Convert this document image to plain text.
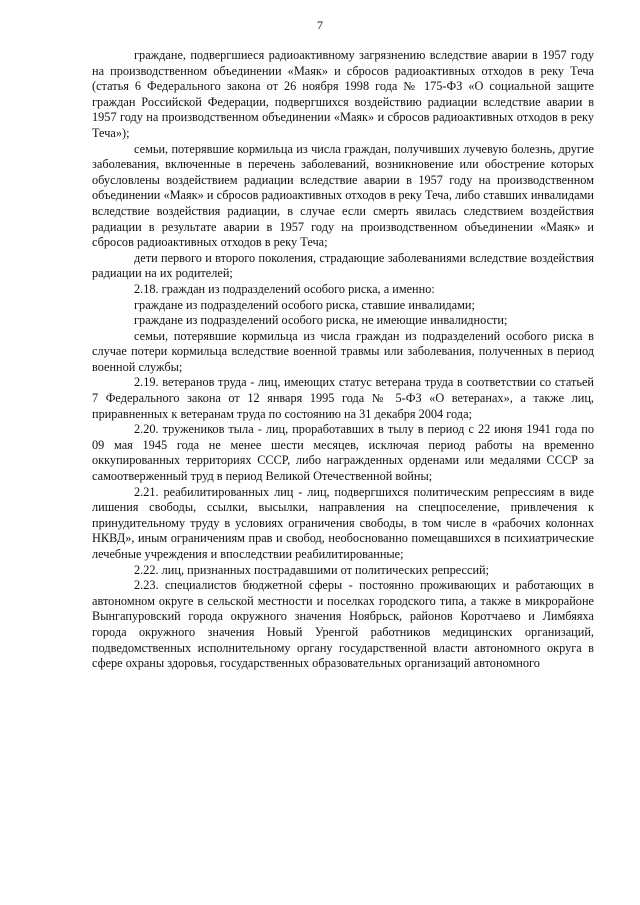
7

граждане, подвергшиеся радиоактивному загрязнению вследствие аварии в 1957 году на производственном объединении «Маяк» и сбросов радиоактивных отходов в реку Теча (статья 6 Федерального закона от 26 ноября 1998 года № 175-ФЗ «О социальной защите граждан Российской Федерации, подвергшихся воздействию радиации вследствие аварии в 1957 году на производственном объединении «Маяк» и сбросов радиоактивных отходов в реку Теча»);

семьи, потерявшие кормильца из числа граждан, получивших лучевую болезнь, другие заболевания, включенные в перечень заболеваний, возникновение или обострение которых обусловлены воздействием радиации вследствие аварии в 1957 году на производственном объединении «Маяк» и сбросов радиоактивных отходов в реку Теча, либо ставших инвалидами вследствие воздействия радиации, в случае если смерть явилась следствием воздействия радиации в результате аварии в 1957 году на производственном объединении «Маяк» и сбросов радиоактивных отходов в реку Теча;

дети первого и второго поколения, страдающие заболеваниями вследствие воздействия радиации на их родителей;

2.18. граждан из подразделений особого риска, а именно:

граждане из подразделений особого риска, ставшие инвалидами;

граждане из подразделений особого риска, не имеющие инвалидности;

семьи, потерявшие кормильца из числа граждан из подразделений особого риска в случае потери кормильца вследствие военной травмы или заболевания, полученных в период военной службы;

2.19. ветеранов труда - лиц, имеющих статус ветерана труда в соответствии со статьей 7 Федерального закона от 12 января 1995 года № 5-ФЗ «О ветеранах», а также лиц, приравненных к ветеранам труда по состоянию на 31 декабря 2004 года;

2.20. тружеников тыла - лиц, проработавших в тылу в период с 22 июня 1941 года по 09 мая 1945 года не менее шести месяцев, исключая период работы на временно оккупированных территориях СССР, либо награжденных орденами или медалями СССР за самоотверженный труд в период Великой Отечественной войны;

2.21. реабилитированных лиц - лиц, подвергшихся политическим репрессиям в виде лишения свободы, ссылки, высылки, направления на спецпоселение, привлечения к принудительному труду в условиях ограничения свободы, в том числе в «рабочих колоннах НКВД», иным ограничениям прав и свобод, необоснованно помещавшихся в психиатрические лечебные учреждения и впоследствии реабилитированные;

2.22. лиц, признанных пострадавшими от политических репрессий;

2.23. специалистов бюджетной сферы - постоянно проживающих и работающих в автономном округе в сельской местности и поселках городского типа, а также в микрорайоне Вынгапуровский города окружного значения Ноябрьск, районов Коротчаево и Лимбяяха города окружного значения Новый Уренгой работников медицинских организаций, подведомственных исполнительному органу государственной власти автономного округа в сфере охраны здоровья, государственных образовательных организаций автономного
